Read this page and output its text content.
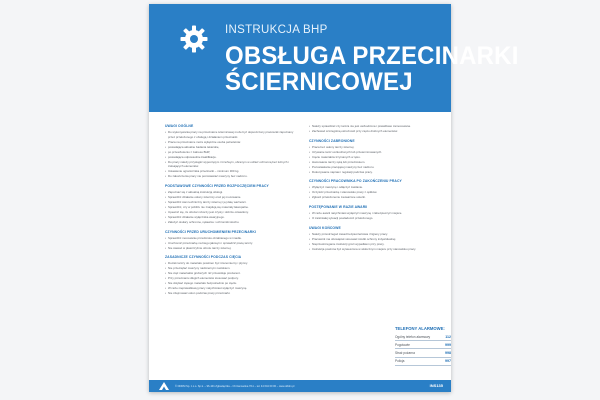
INSTRUKCJA BHP
OBSŁUGA PRZECINARKI
ŚCIERNICOWEJ
UWAGI OGÓLNE
• Do wykonywania pracy na przecinarce ściernicowej może być dopuszczony pracownik zapoznany przez przełożonego z obsługą i działaniem przecinarki.
• Praca na przecinarce może wyłącznie osoba pełnoletnia:
• posiadająca aktualne badania lekarskie,
• po przeszkoleniu z zakresu BHP,
• posiadająca odpowiednie kwalifikacje.
• Do pracy należy przystąpić wypoczętym i trzeźwym, ubranym w odzież ochronną bez luźnych i zwisających elementów.
• Ustawienie ogranicznika przecinarki – minimum 300 kg.
• Do zakończenia pracy nie pozostawiać maszyny bez nadzoru.
PODSTAWOWE CZYNNOŚCI PRZED ROZPOCZĘCIEM PRACY
• Zapoznać się z aktualną instrukcją obsługi.
• Sprawdzić działanie osłony ściernicy oraz jej mocowanie.
• Sprawdzić stan techniczny tarczy ściernej i jej datę ważności.
• Sprawdzić, czy w pobliżu nie znajdują się materiały łatwopalne.
• Upewnić się, że obszar roboczy jest czysty i dobrze oświetlony.
• Sprawdzić działanie wyłącznika awaryjnego.
• Założyć okulary ochronne, rękawice i ochronniki słuchu.
CZYNNOŚCI PRZED URUCHOMIENIEM PRZECINARKI
• Sprawdzić mocowanie przedmiotu obrabianego w imadle.
• Uruchomić przecinarkę na biegu jałowym i sprawdzić pracę tarczy.
• Nie stawać w płaszczyźnie obrotu tarczy ściernej.
ZASADNICZE CZYNNOŚCI PODCZAS CIĘCIA
• Docisk tarczy do materiału powinien być równomierny i płynny.
• Nie przeciążać maszyny nadmiernym naciskiem.
• Nie ciąć materiałów grubszych niż przewiduje producent.
• Przy przecinaniu długich elementów stosować podpory.
• Nie dotykać ciętego materiału bezpośrednio po cięciu.
• W razie nieprawidłowej pracy natychmiast wyłączyć maszynę.
• Nie zdejmować osłon podczas pracy przecinarki.
• Należy sprawdzać czy tarcza nie jest uszkodzona i prawidłowo zamocowana.
• Zachować szczególną ostrożność przy cięciu drobnych elementów.
CZYNNOŚCI ZABRONIONE
• Praca bez osłony tarczy ściernej.
• Używanie tarcz uszkodzonych lub przeterminowanych.
• Cięcie materiałów trzymanych w ręku.
• Hamowanie tarczy ręką lub przedmiotem.
• Pozostawianie pracującej maszyny bez nadzoru.
• Dokonywanie napraw i regulacji podczas pracy.
CZYNNOŚCI PRACOWNIKA PO ZAKOŃCZENIU PRACY
• Wyłączyć maszynę i odłączyć zasilanie.
• Oczyścić przecinarkę i stanowisko pracy z opiłków.
• Zgłosić przełożonemu zauważone usterki.
POSTĘPOWANIE W RAZIE AWARII
• W razie awarii natychmiast wyłączyć maszynę i zabezpieczyć miejsce.
• O zaistniałej sytuacji powiadomić przełożonego.
UWAGI KOŃCOWE
• Należy przestrzegać zasad bezpieczeństwa i higieny pracy.
• Pracownik ma obowiązek stosować środki ochrony indywidualnej.
• Nieprzestrzeganie instrukcji grozi wypadkiem przy pracy.
• Instrukcja powinna być wywieszona w widocznym miejscu przy stanowisku pracy.
TELEFONY ALARMOWE:
Ogólny telefon alarmowy	112
Pogotowie	999
Straż pożarna	998
Policja	997
© DDDM Sp. z o.o. Sp.k. – 96-101 Zgłowiączka – Chrzanowska 7/11 – tel. 44 644 00 00 – www.dddm.pl	INS135
